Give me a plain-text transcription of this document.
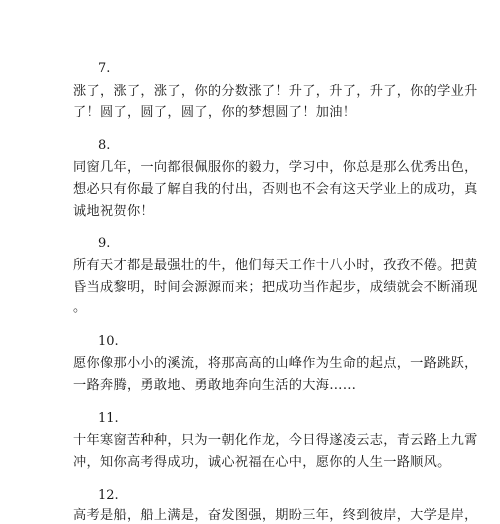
7.
涨了，涨了，涨了，你的分数涨了！升了，升了，升了，你的学业升
了！圆了，圆了，圆了，你的梦想圆了！加油！
8.
同窗几年，一向都很佩服你的毅力，学习中，你总是那么优秀出色，
想必只有你最了解自我的付出，否则也不会有这天学业上的成功，真
诚地祝贺你！
9.
所有天才都是最强壮的牛，他们每天工作十八小时，孜孜不倦。把黄
昏当成黎明，时间会源源而来；把成功当作起步，成绩就会不断涌现
。
10.
愿你像那小小的溪流，将那高高的山峰作为生命的起点，一路跳跃，
一路奔腾，勇敢地、勇敢地奔向生活的大海……
11.
十年寒窗苦种种，只为一朝化作龙，今日得遂凌云志，青云路上九霄
冲，知你高考得成功，诚心祝福在心中，愿你的人生一路顺风。
12.
高考是船，船上满是，奋发图强，期盼三年，终到彼岸，大学是岸，
